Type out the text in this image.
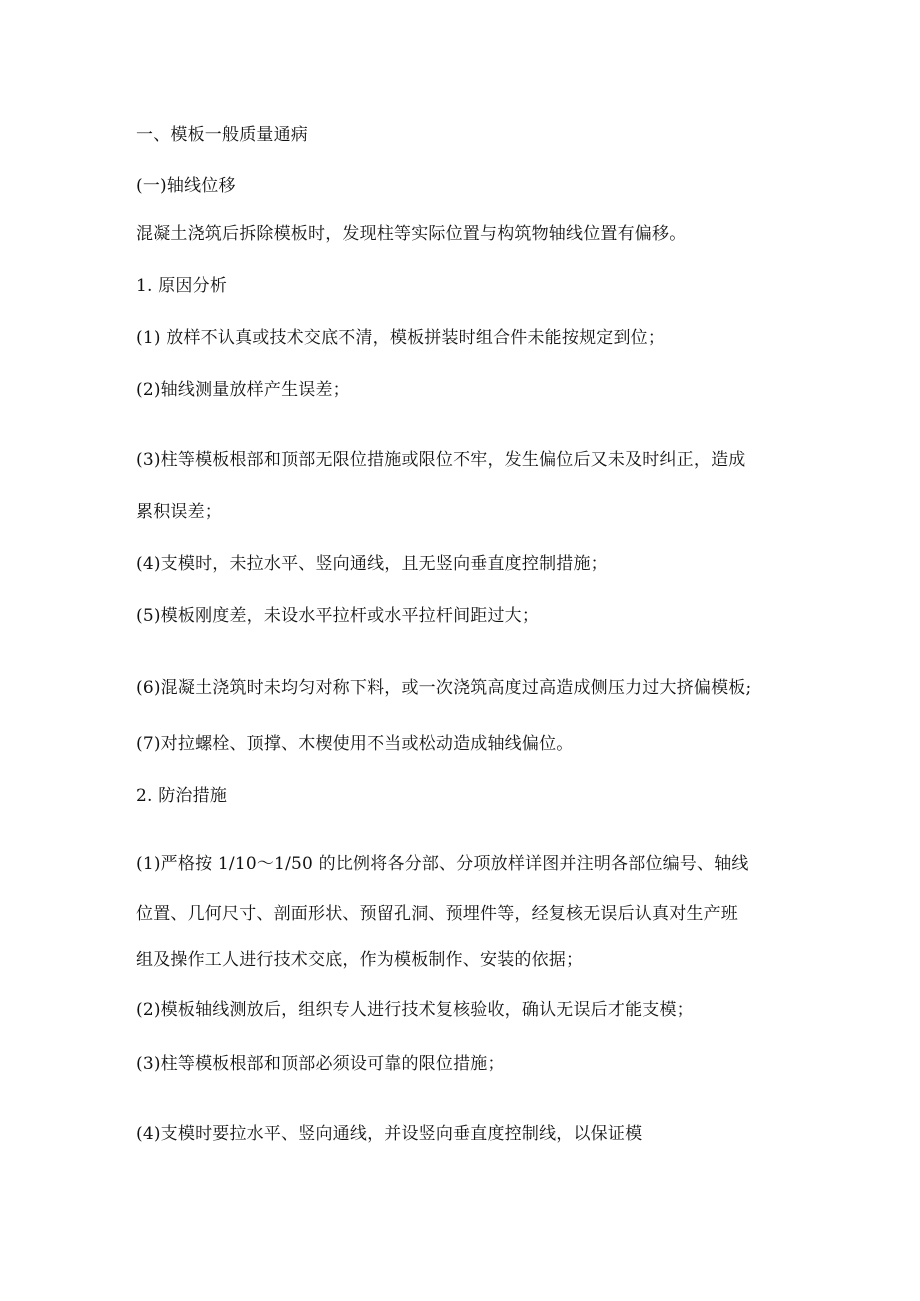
一、模板一般质量通病
(一)轴线位移
混凝土浇筑后拆除模板时，发现柱等实际位置与构筑物轴线位置有偏移。
1. 原因分析
(1) 放样不认真或技术交底不清，模板拼装时组合件未能按规定到位；
(2)轴线测量放样产生误差；
(3)柱等模板根部和顶部无限位措施或限位不牢，发生偏位后又未及时纠正，造成
累积误差；
(4)支模时，未拉水平、竖向通线，且无竖向垂直度控制措施；
(5)模板刚度差，未设水平拉杆或水平拉杆间距过大；
(6)混凝土浇筑时未均匀对称下料，或一次浇筑高度过高造成侧压力过大挤偏模板;
(7)对拉螺栓、顶撑、木楔使用不当或松动造成轴线偏位。
2. 防治措施
(1)严格按 1/10～1/50 的比例将各分部、分项放样详图并注明各部位编号、轴线
位置、几何尺寸、剖面形状、预留孔洞、预埋件等，经复核无误后认真对生产班
组及操作工人进行技术交底，作为模板制作、安装的依据；
(2)模板轴线测放后，组织专人进行技术复核验收，确认无误后才能支模；
(3)柱等模板根部和顶部必须设可靠的限位措施；
(4)支模时要拉水平、竖向通线，并设竖向垂直度控制线，以保证模
